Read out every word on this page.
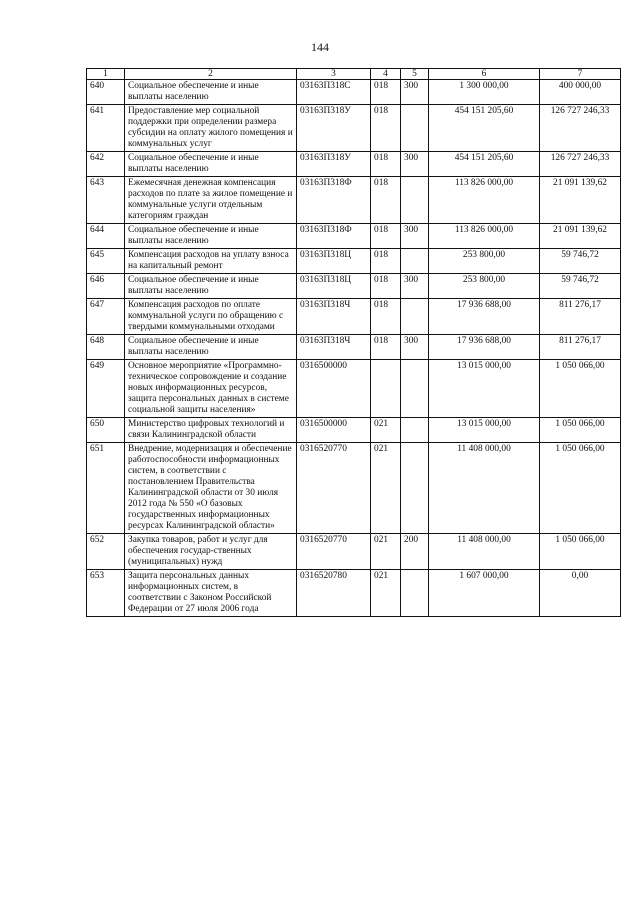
144
1	2	3	4	5	6	7
640	Социальное обеспечение и иные выплаты населению	03163П318С	018	300	1 300 000,00	400 000,00
641	Предоставление мер социальной поддержки при определении размера субсидии на оплату жилого помещения и коммунальных услуг	03163П318У	018		454 151 205,60	126 727 246,33
642	Социальное обеспечение и иные выплаты населению	03163П318У	018	300	454 151 205,60	126 727 246,33
643	Ежемесячная денежная компенсация расходов по плате за жилое помещение и коммунальные услуги отдельным категориям граждан	03163П318Ф	018		113 826 000,00	21 091 139,62
644	Социальное обеспечение и иные выплаты населению	03163П318Ф	018	300	113 826 000,00	21 091 139,62
645	Компенсация расходов на уплату взноса на капитальный ремонт	03163П318Ц	018		253 800,00	59 746,72
646	Социальное обеспечение и иные выплаты населению	03163П318Ц	018	300	253 800,00	59 746,72
647	Компенсация расходов по оплате коммунальной услуги по обращению с твердыми коммунальными отходами	03163П318Ч	018		17 936 688,00	811 276,17
648	Социальное обеспечение и иные выплаты населению	03163П318Ч	018	300	17 936 688,00	811 276,17
649	Основное мероприятие «Программно-техническое сопровождение и создание новых информационных ресурсов, защита персональных данных в системе социальной защиты населения»	0316500000			13 015 000,00	1 050 066,00
650	Министерство цифровых технологий и связи Калининградской области	0316500000	021		13 015 000,00	1 050 066,00
651	Внедрение, модернизация и обеспечение работоспособности информационных систем, в соответствии с постановлением Правительства Калининградской области от 30 июля 2012 года № 550 «О базовых государственных информационных ресурсах Калининградской области»	0316520770	021		11 408 000,00	1 050 066,00
652	Закупка товаров, работ и услуг для обеспечения государ-ственных (муниципальных) нужд	0316520770	021	200	11 408 000,00	1 050 066,00
653	Защита персональных данных информационных систем, в соответствии с Законом Российской Федерации от 27 июля 2006 года	0316520780	021		1 607 000,00	0,00
